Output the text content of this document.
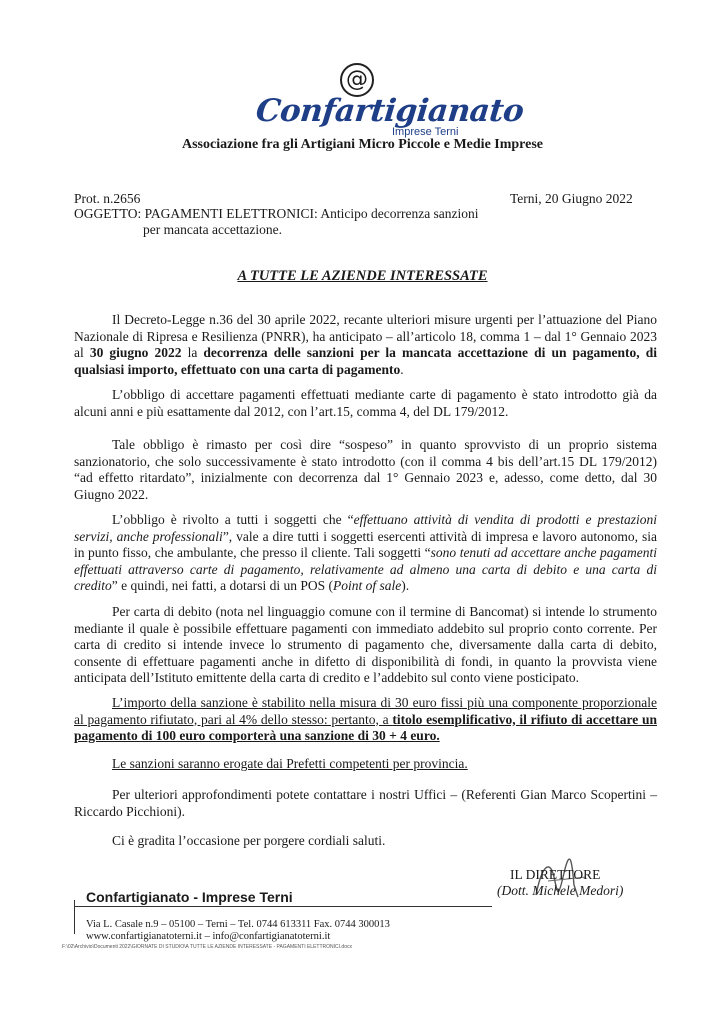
@
Confartigianato
Imprese Terni
Associazione fra gli Artigiani Micro Piccole e Medie Imprese
Prot. n.2656	Terni, 20 Giugno 2022
OGGETTO: PAGAMENTI ELETTRONICI: Anticipo decorrenza sanzioni
per mancata accettazione.
A TUTTE LE AZIENDE INTERESSATE

Il Decreto-Legge n.36 del 30 aprile 2022, recante ulteriori misure urgenti per l’attuazione del Piano Nazionale di Ripresa e Resilienza (PNRR), ha anticipato – all’articolo 18, comma 1 – dal 1° Gennaio 2023 al 30 giugno 2022 la decorrenza delle sanzioni per la mancata accettazione di un pagamento, di qualsiasi importo, effettuato con una carta di pagamento.

L’obbligo di accettare pagamenti effettuati mediante carte di pagamento è stato introdotto già da alcuni anni e più esattamente dal 2012, con l’art.15, comma 4, del DL 179/2012.

Tale obbligo è rimasto per così dire “sospeso” in quanto sprovvisto di un proprio sistema sanzionatorio, che solo successivamente è stato introdotto (con il comma 4 bis dell’art.15 DL 179/2012) “ad effetto ritardato”, inizialmente con decorrenza dal 1° Gennaio 2023 e, adesso, come detto, dal 30 Giugno 2022.

L’obbligo è rivolto a tutti i soggetti che “effettuano attività di vendita di prodotti e prestazioni servizi, anche professionali”, vale a dire tutti i soggetti esercenti attività di impresa e lavoro autonomo, sia in punto fisso, che ambulante, che presso il cliente. Tali soggetti “sono tenuti ad accettare anche pagamenti effettuati attraverso carte di pagamento, relativamente ad almeno una carta di debito e una carta di credito” e quindi, nei fatti, a dotarsi di un POS (Point of sale).

Per carta di debito (nota nel linguaggio comune con il termine di Bancomat) si intende lo strumento mediante il quale è possibile effettuare pagamenti con immediato addebito sul proprio conto corrente. Per carta di credito si intende invece lo strumento di pagamento che, diversamente dalla carta di debito, consente di effettuare pagamenti anche in difetto di disponibilità di fondi, in quanto la provvista viene anticipata dell’Istituto emittente della carta di credito e l’addebito sul conto viene posticipato.

L’importo della sanzione è stabilito nella misura di 30 euro fissi più una componente proporzionale al pagamento rifiutato, pari al 4% dello stesso: pertanto, a titolo esemplificativo, il rifiuto di accettare un pagamento di 100 euro comporterà una sanzione di 30 + 4 euro.

Le sanzioni saranno erogate dai Prefetti competenti per provincia.

Per ulteriori approfondimenti potete contattare i nostri Uffici – (Referenti Gian Marco Scopertini – Riccardo Picchioni).

Ci è gradita l’occasione per porgere cordiali saluti.

IL DIRETTORE
(Dott. Michele Medori)
Confartigianato - Imprese Terni
Via L. Casale n.9 – 05100 – Terni – Tel. 0744 613311 Fax. 0744 300013
www.confartigianatoterni.it – info@confartigianatoterni.it
F:\02\Archivio\Documenti 2022\GIORNATE DI STUDIO\A TUTTE LE AZIENDE INTERESSATE - PAGAMENTI ELETTRONICI.docx
